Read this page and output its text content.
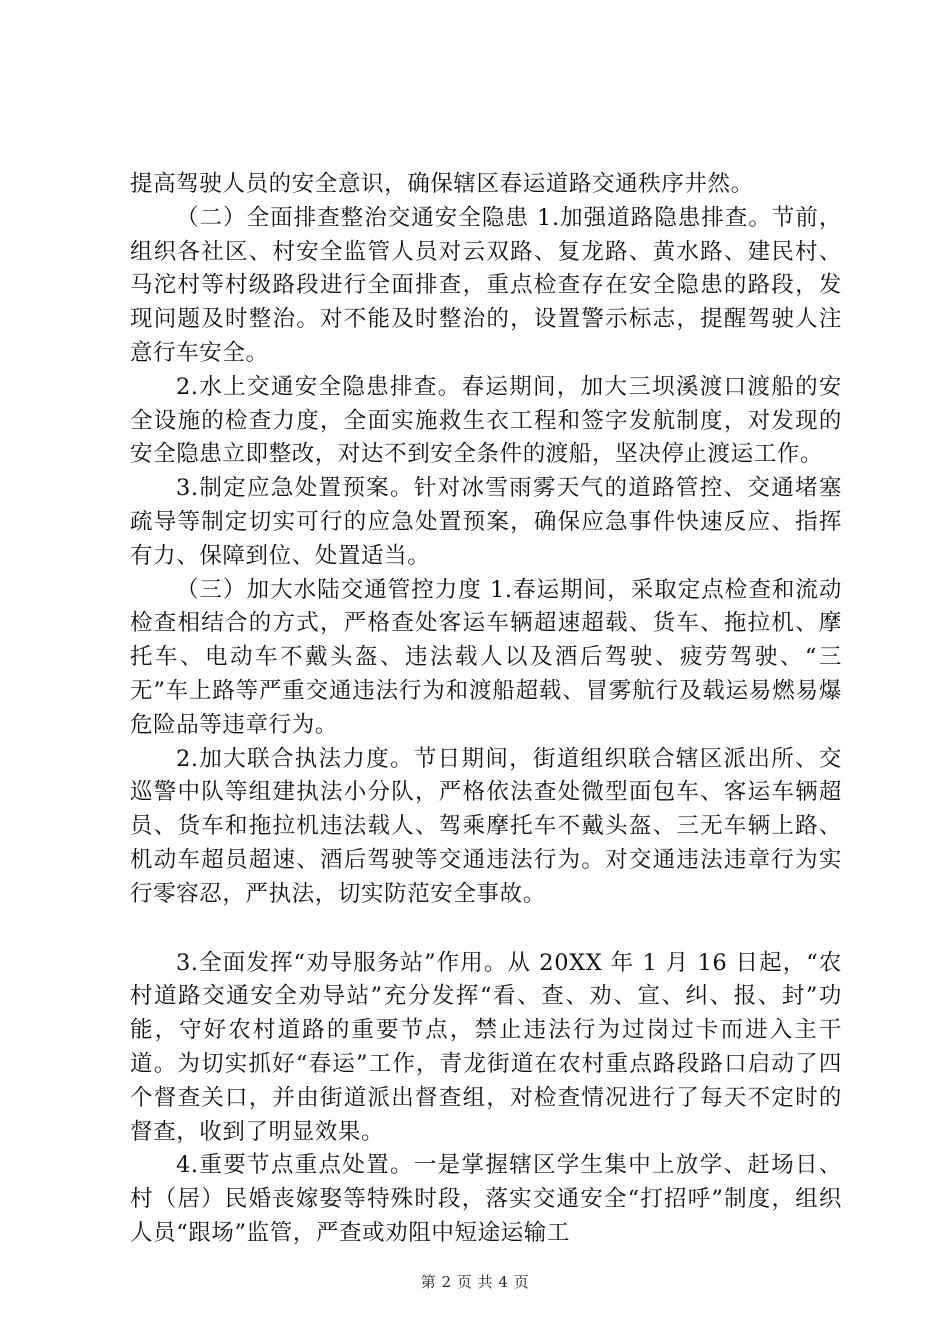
提高驾驶人员的安全意识，确保辖区春运道路交通秩序井然。

（二）全面排查整治交通安全隐患 1.加强道路隐患排查。节前，组织各社区、村安全监管人员对云双路、复龙路、黄水路、建民村、马沱村等村级路段进行全面排查，重点检查存在安全隐患的路段，发现问题及时整治。对不能及时整治的，设置警示标志，提醒驾驶人注意行车安全。

2.水上交通安全隐患排查。春运期间，加大三坝溪渡口渡船的安全设施的检查力度，全面实施救生衣工程和签字发航制度，对发现的安全隐患立即整改，对达不到安全条件的渡船，坚决停止渡运工作。

3.制定应急处置预案。针对冰雪雨雾天气的道路管控、交通堵塞疏导等制定切实可行的应急处置预案，确保应急事件快速反应、指挥有力、保障到位、处置适当。

（三）加大水陆交通管控力度 1.春运期间，采取定点检查和流动检查相结合的方式，严格查处客运车辆超速超载、货车、拖拉机、摩托车、电动车不戴头盔、违法载人以及酒后驾驶、疲劳驾驶、“三无”车上路等严重交通违法行为和渡船超载、冒雾航行及载运易燃易爆危险品等违章行为。

2.加大联合执法力度。节日期间，街道组织联合辖区派出所、交巡警中队等组建执法小分队，严格依法查处微型面包车、客运车辆超员、货车和拖拉机违法载人、驾乘摩托车不戴头盔、三无车辆上路、机动车超员超速、酒后驾驶等交通违法行为。对交通违法违章行为实行零容忍，严执法，切实防范安全事故。

3.全面发挥“劝导服务站”作用。从 20XX 年 1 月 16 日起，“农村道路交通安全劝导站”充分发挥“看、查、劝、宣、纠、报、封”功能，守好农村道路的重要节点，禁止违法行为过岗过卡而进入主干道。为切实抓好“春运”工作，青龙街道在农村重点路段路口启动了四个督查关口，并由街道派出督查组，对检查情况进行了每天不定时的督查，收到了明显效果。

4.重要节点重点处置。一是掌握辖区学生集中上放学、赶场日、村（居）民婚丧嫁娶等特殊时段，落实交通安全“打招呼”制度，组织人员“跟场”监管，严查或劝阻中短途运输工

第 2 页 共 4 页
